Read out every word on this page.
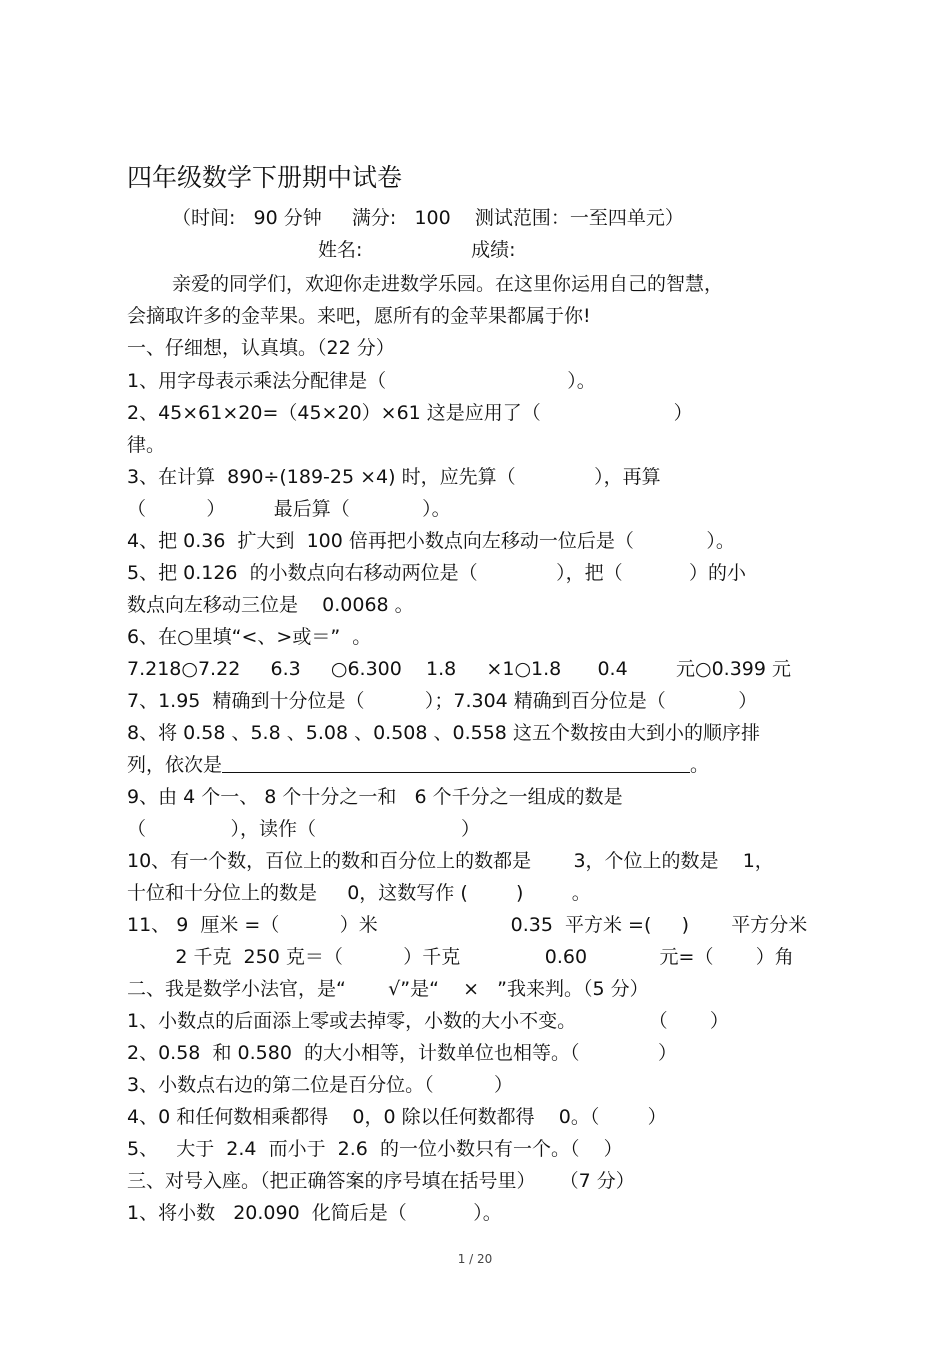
四年级数学下册期中试卷
（时间:   90 分钟     满分:   100    测试范围：一至四单元）
姓名:                  成绩:
亲爱的同学们，欢迎你走进数学乐园。在这里你运用自己的智慧，
会摘取许多的金苹果。来吧，愿所有的金苹果都属于你!
一、仔细想，认真填。（22 分）
1、用字母表示乘法分配律是（                              ）。
2、45×61×20=（45×20）×61 这是应用了（                      ）
律。
3、在计算  890÷(189-25 ×4) 时，应先算（             ），再算
（          ）        最后算（            ）。
4、把 0.36  扩大到  100 倍再把小数点向左移动一位后是（            ）。
5、把 0.126  的小数点向右移动两位是（             ），把（           ）的小
数点向左移动三位是    0.0068 。
6、在○里填“<、>或＝”  。
7.218○7.22     6.3     ○6.300    1.8     ×1○1.8      0.4        元○0.399 元
7、1.95  精确到十分位是（          ）；7.304 精确到百分位是（            ）
8、将 0.58 、5.8 、5.08 、0.508 、0.558 这五个数按由大到小的顺序排
列，依次是	。
9、由 4 个一、 8 个十分之一和   6 个千分之一组成的数是
（              ），读作（                        ）
10、有一个数，百位上的数和百分位上的数都是       3，个位上的数是    1，
十位和十分位上的数是     0，这数写作 (        )        。
11、 9  厘米 =（          ）米                      0.35  平方米 =(     )       平方分米
2 千克  250 克＝（          ）千克              0.60            元=（       ）角
二、我是数学小法官，是“       √”是“    ×   ”我来判。（5 分）
1、小数点的后面添上零或去掉零，小数的大小不变。            （       ）
2、0.58  和 0.580  的大小相等，计数单位也相等。（             ）
3、小数点右边的第二位是百分位。（          ）
4、0 和任何数相乘都得    0，0 除以任何数都得    0。（        ）
5、   大于  2.4  而小于  2.6  的一位小数只有一个。（    ）
三、对号入座。（把正确答案的序号填在括号里）    （7 分）
1、将小数   20.090  化简后是（           ）。
1 / 20
